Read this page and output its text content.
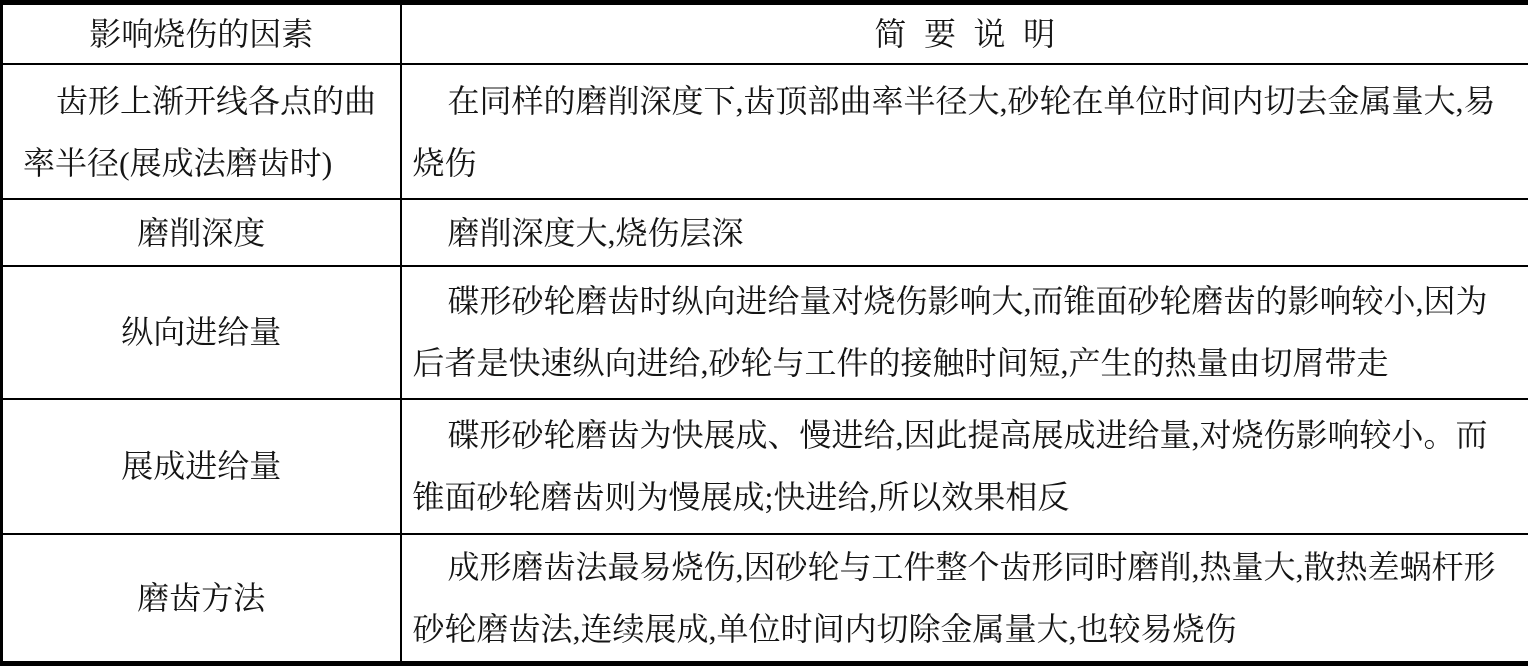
影响烧伤的因素	简要说明

齿形上渐开线各点的曲率半径(展成法磨齿时)	在同样的磨削深度下,齿顶部曲率半径大,砂轮在单位时间内切去金属量大,易烧伤

磨削深度	磨削深度大,烧伤层深

纵向进给量	碟形砂轮磨齿时纵向进给量对烧伤影响大,而锥面砂轮磨齿的影响较小,因为后者是快速纵向进给,砂轮与工件的接触时间短,产生的热量由切屑带走

展成进给量	碟形砂轮磨齿为快展成、慢进给,因此提高展成进给量,对烧伤影响较小。而锥面砂轮磨齿则为慢展成;快进给,所以效果相反

磨齿方法	成形磨齿法最易烧伤,因砂轮与工件整个齿形同时磨削,热量大,散热差蜗杆形砂轮磨齿法,连续展成,单位时间内切除金属量大,也较易烧伤
